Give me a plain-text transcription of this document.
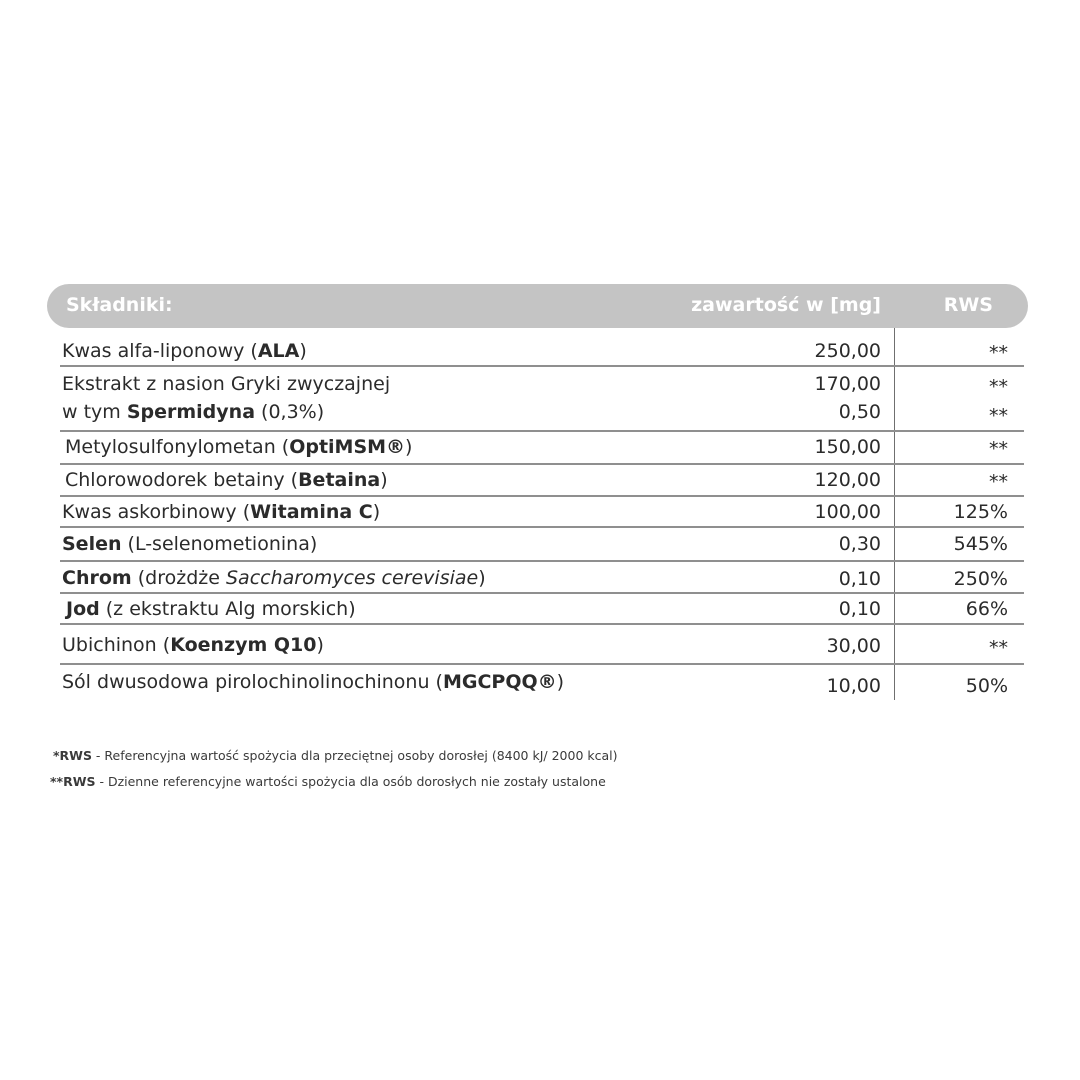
Składniki:	zawartość w [mg]	RWS
Kwas alfa-liponowy (ALA)	250,00	**
Ekstrakt z nasion Gryki zwyczajnej	170,00	**
w tym Spermidyna (0,3%)	0,50	**
Metylosulfonylometan (OptiMSM®)	150,00	**
Chlorowodorek betainy (Betaina)	120,00	**
Kwas askorbinowy (Witamina C)	100,00	125%
Selen (L-selenometionina)	0,30	545%
Chrom (drożdże Saccharomyces cerevisiae)	0,10	250%
Jod (z ekstraktu Alg morskich)	0,10	66%
Ubichinon (Koenzym Q10)	30,00	**
Sól dwusodowa pirolochinolinochinonu (MGCPQQ®)	10,00	50%
*RWS - Referencyjna wartość spożycia dla przeciętnej osoby dorosłej (8400 kJ/ 2000 kcal)
**RWS - Dzienne referencyjne wartości spożycia dla osób dorosłych nie zostały ustalone
